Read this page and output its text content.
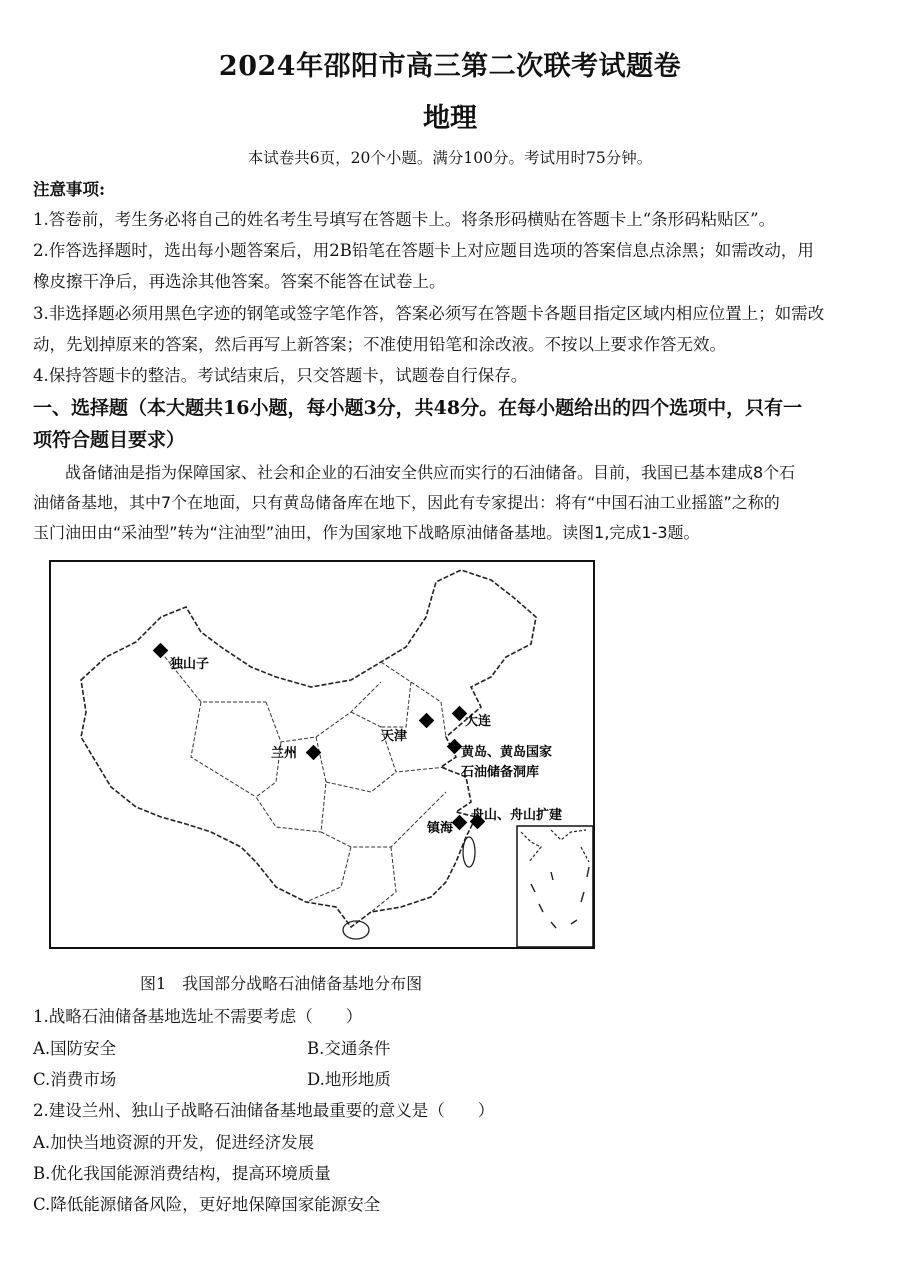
2024年邵阳市高三第二次联考试题卷
地理
本试卷共6页，20个小题。满分100分。考试用时75分钟。
注意事项:
1.答卷前，考生务必将自己的姓名考生号填写在答题卡上。将条形码横贴在答题卡上“条形码粘贴区”。
2.作答选择题时，选出每小题答案后，用2B铅笔在答题卡上对应题目选项的答案信息点涂黑；如需改动，用
橡皮擦干净后，再选涂其他答案。答案不能答在试卷上。
3.非选择题必须用黑色字迹的钢笔或签字笔作答，答案必须写在答题卡各题目指定区域内相应位置上；如需改
动，先划掉原来的答案，然后再写上新答案；不准使用铅笔和涂改液。不按以上要求作答无效。
4.保持答题卡的整洁。考试结束后，只交答题卡，试题卷自行保存。
一、选择题（本大题共16小题，每小题3分，共48分。在每小题给出的四个选项中，只有一
项符合题目要求）
　　战备储油是指为保障国家、社会和企业的石油安全供应而实行的石油储备。目前，我国已基本建成8个石
油储备基地，其中7个在地面，只有黄岛储备库在地下，因此有专家提出：将有“中国石油工业摇篮”之称的
玉门油田由“采油型”转为“注油型”油田，作为国家地下战略原油储备基地。读图1,完成1-3题。
独山子
兰州
天津
大连
黄岛、黄岛国家
石油储备洞库
舟山、舟山扩建
镇海
图1　我国部分战略石油储备基地分布图
1.战略石油储备基地选址不需要考虑（　　）
A.国防安全	B.交通条件
C.消费市场	D.地形地质
2.建设兰州、独山子战略石油储备基地最重要的意义是（　　）
A.加快当地资源的开发，促进经济发展
B.优化我国能源消费结构，提高环境质量
C.降低能源储备风险，更好地保障国家能源安全
